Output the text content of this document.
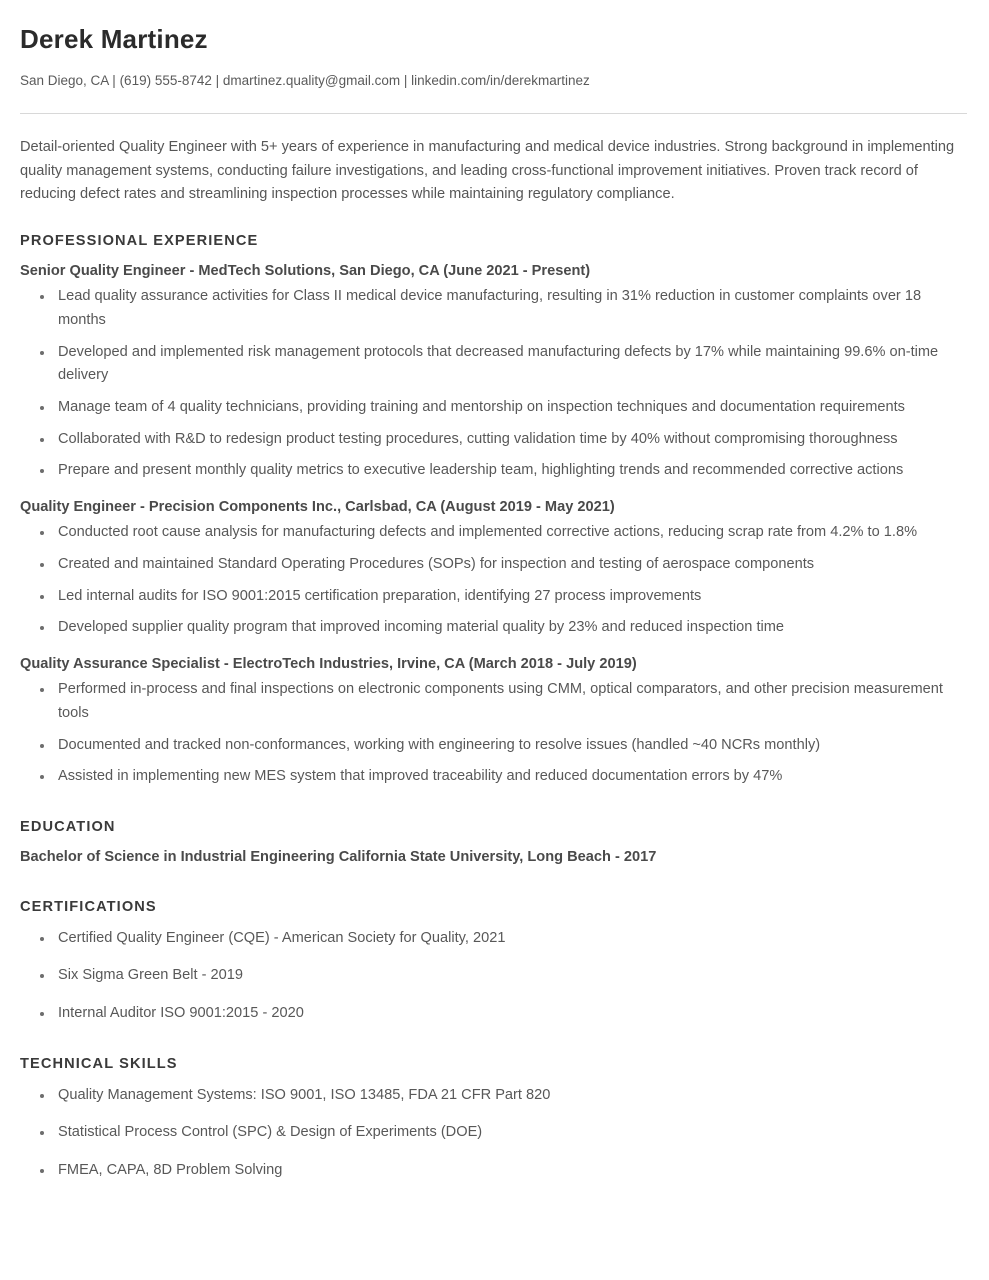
Derek Martinez
San Diego, CA | (619) 555-8742 | dmartinez.quality@gmail.com | linkedin.com/in/derekmartinez

Detail-oriented Quality Engineer with 5+ years of experience in manufacturing and medical device industries. Strong background in implementing quality management systems, conducting failure investigations, and leading cross-functional improvement initiatives. Proven track record of reducing defect rates and streamlining inspection processes while maintaining regulatory compliance.

PROFESSIONAL EXPERIENCE
Senior Quality Engineer - MedTech Solutions, San Diego, CA (June 2021 - Present)
Lead quality assurance activities for Class II medical device manufacturing, resulting in 31% reduction in customer complaints over 18 months
Developed and implemented risk management protocols that decreased manufacturing defects by 17% while maintaining 99.6% on-time delivery
Manage team of 4 quality technicians, providing training and mentorship on inspection techniques and documentation requirements
Collaborated with R&D to redesign product testing procedures, cutting validation time by 40% without compromising thoroughness
Prepare and present monthly quality metrics to executive leadership team, highlighting trends and recommended corrective actions
Quality Engineer - Precision Components Inc., Carlsbad, CA (August 2019 - May 2021)
Conducted root cause analysis for manufacturing defects and implemented corrective actions, reducing scrap rate from 4.2% to 1.8%
Created and maintained Standard Operating Procedures (SOPs) for inspection and testing of aerospace components
Led internal audits for ISO 9001:2015 certification preparation, identifying 27 process improvements
Developed supplier quality program that improved incoming material quality by 23% and reduced inspection time
Quality Assurance Specialist - ElectroTech Industries, Irvine, CA (March 2018 - July 2019)
Performed in-process and final inspections on electronic components using CMM, optical comparators, and other precision measurement tools
Documented and tracked non-conformances, working with engineering to resolve issues (handled ~40 NCRs monthly)
Assisted in implementing new MES system that improved traceability and reduced documentation errors by 47%
EDUCATION
Bachelor of Science in Industrial Engineering California State University, Long Beach - 2017
CERTIFICATIONS
Certified Quality Engineer (CQE) - American Society for Quality, 2021
Six Sigma Green Belt - 2019
Internal Auditor ISO 9001:2015 - 2020
TECHNICAL SKILLS
Quality Management Systems: ISO 9001, ISO 13485, FDA 21 CFR Part 820
Statistical Process Control (SPC) & Design of Experiments (DOE)
FMEA, CAPA, 8D Problem Solving
